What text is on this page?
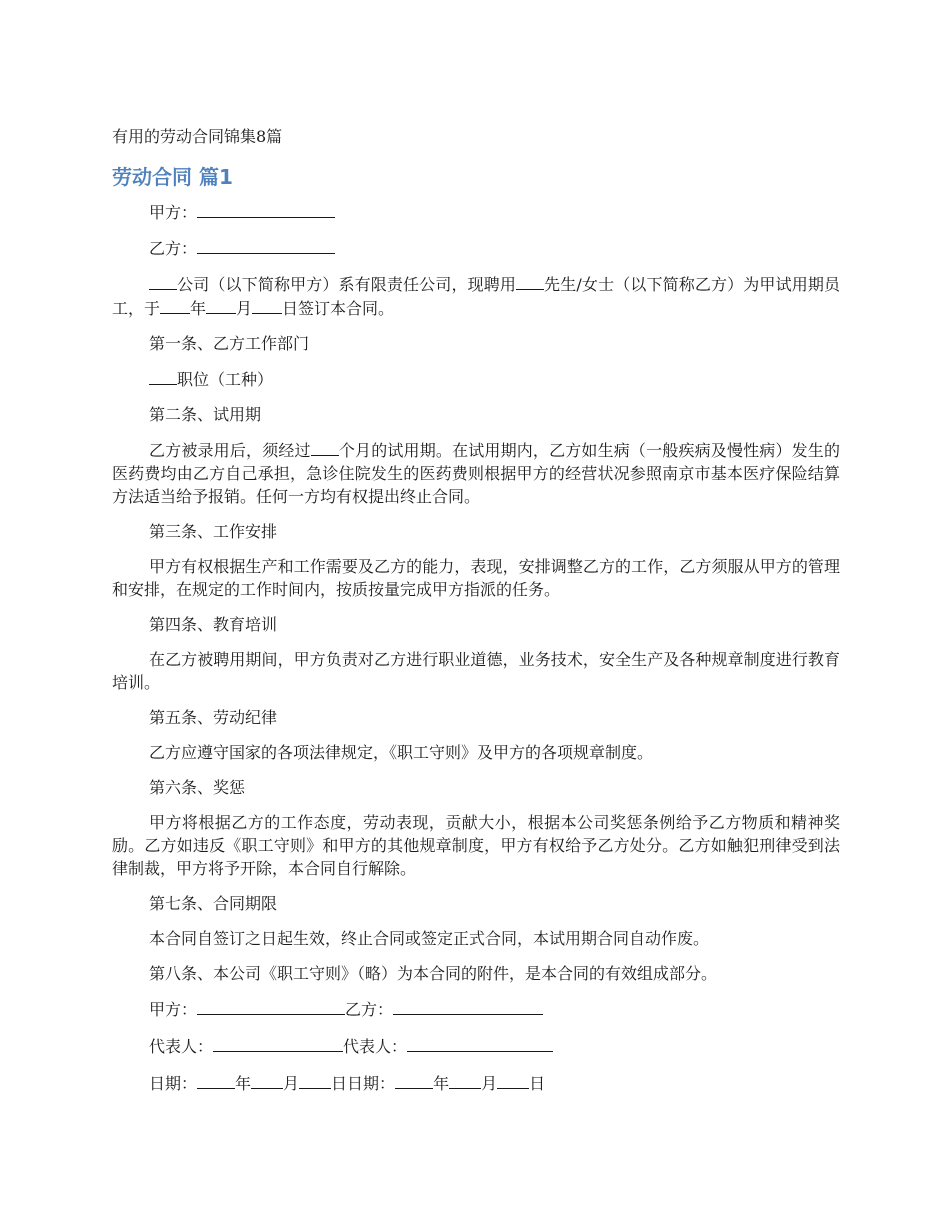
有用的劳动合同锦集8篇
劳动合同 篇1

甲方：

乙方：

公司（以下简称甲方）系有限责任公司，现聘用 先生/女士（以下简称乙方）为甲试用期员工，于 年 月 日签订本合同。

第一条、乙方工作部门

职位（工种）

第二条、试用期

乙方被录用后，须经过 个月的试用期。在试用期内，乙方如生病（一般疾病及慢性病）发生的医药费均由乙方自己承担，急诊住院发生的医药费则根据甲方的经营状况参照南京市基本医疗保险结算方法适当给予报销。任何一方均有权提出终止合同。

第三条、工作安排

甲方有权根据生产和工作需要及乙方的能力，表现，安排调整乙方的工作，乙方须服从甲方的管理和安排，在规定的工作时间内，按质按量完成甲方指派的任务。

第四条、教育培训

在乙方被聘用期间，甲方负责对乙方进行职业道德，业务技术，安全生产及各种规章制度进行教育培训。

第五条、劳动纪律

乙方应遵守国家的各项法律规定，《职工守则》及甲方的各项规章制度。

第六条、奖惩

甲方将根据乙方的工作态度，劳动表现，贡献大小，根据本公司奖惩条例给予乙方物质和精神奖励。乙方如违反《职工守则》和甲方的其他规章制度，甲方有权给予乙方处分。乙方如触犯刑律受到法律制裁，甲方将予开除，本合同自行解除。

第七条、合同期限

本合同自签订之日起生效，终止合同或签定正式合同，本试用期合同自动作废。

第八条、本公司《职工守则》（略）为本合同的附件，是本合同的有效组成部分。

甲方：	乙方：

代表人：	代表人：

日期： 年 月 日日期： 年 月 日
